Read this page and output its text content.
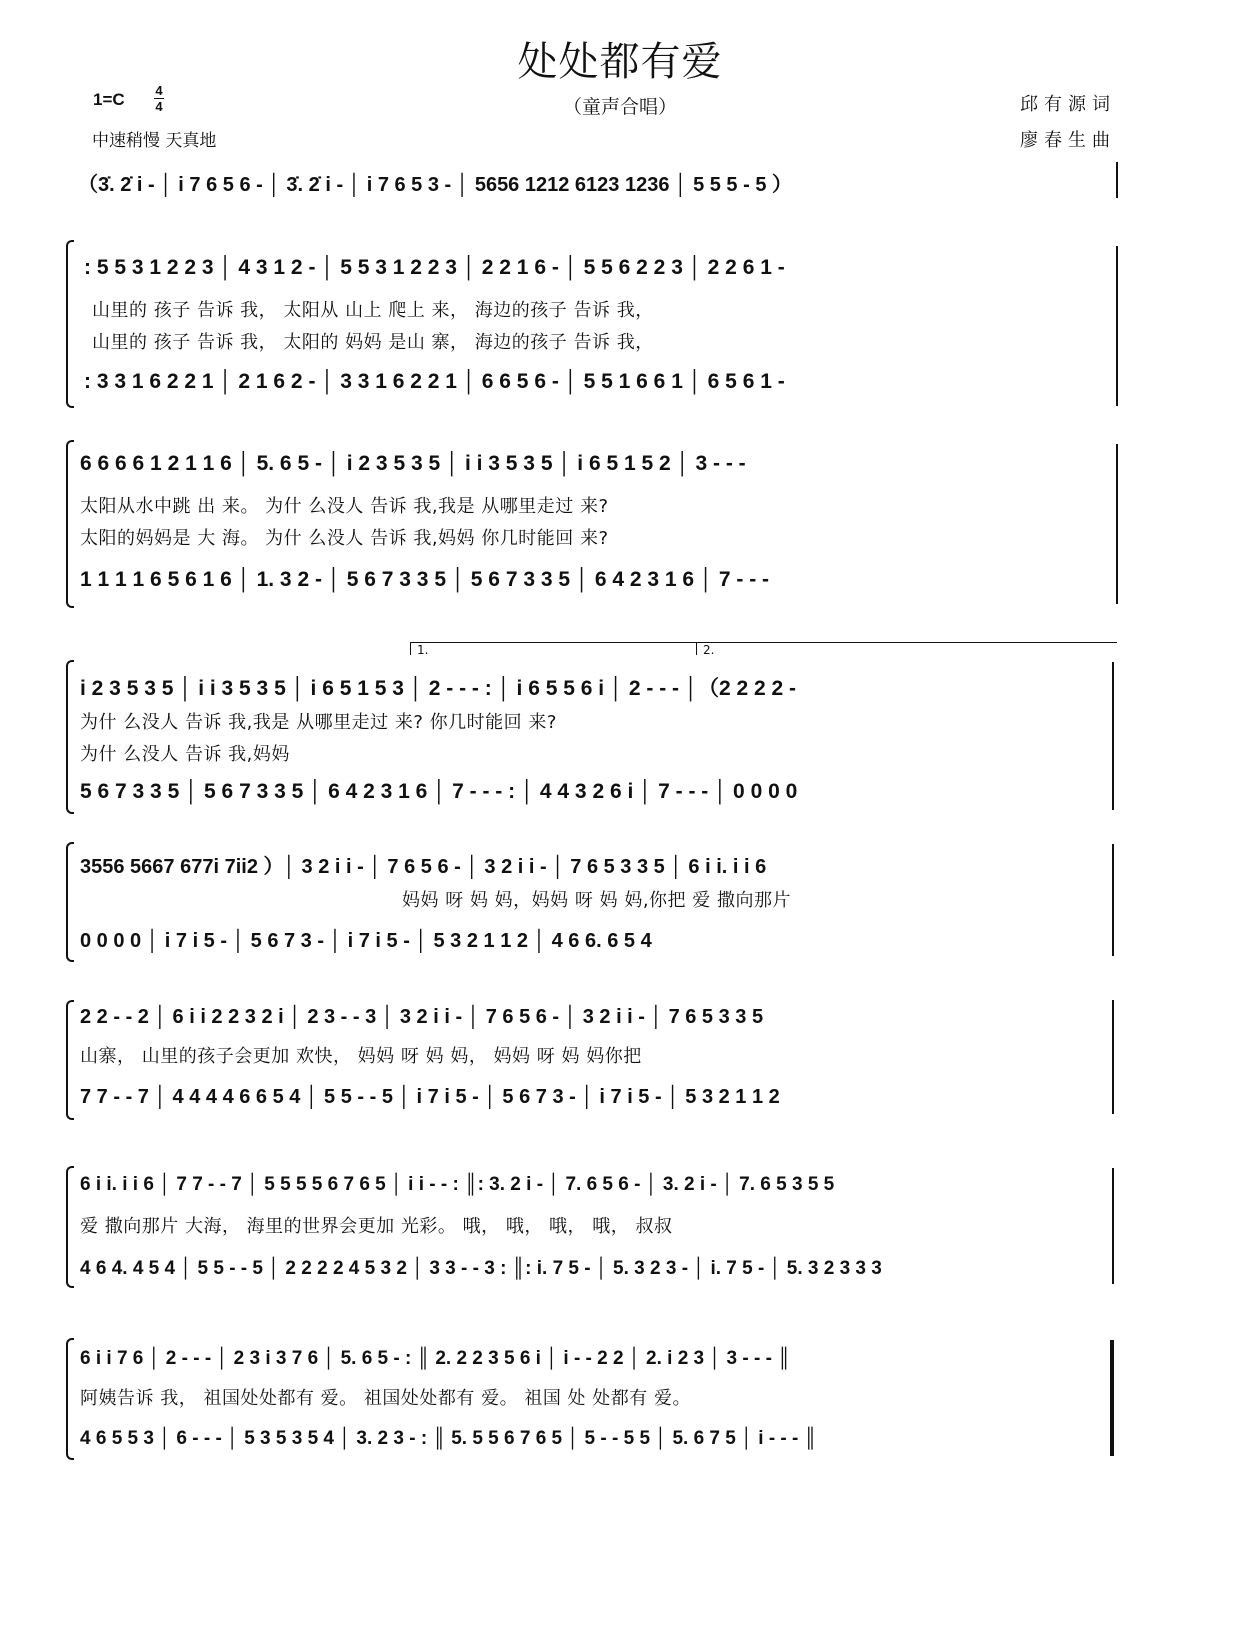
处处都有爱
（童声合唱）
1=C 4
4
中速稍慢 天真地
邱有源词
廖春生曲
（3̇. 2̇ i - │ i 7 6 5 6 - │ 3̇. 2̇ i - │ i 7 6 5 3 - │ 5656 1212 6123 1236 │ 5 5 5 - 5 ）
: 5 5 3 1 2 2 3 │ 4 3 1 2 - │ 5 5 3 1 2 2 3 │ 2 2 1 6 - │ 5 5 6 2 2 3 │ 2 2 6 1 -
山里的 孩子 告诉 我， 太阳从 山上 爬上 来， 海边的孩子 告诉 我，
山里的 孩子 告诉 我， 太阳的 妈妈 是山 寨， 海边的孩子 告诉 我，
: 3 3 1 6 2 2 1 │ 2 1 6 2 - │ 3 3 1 6 2 2 1 │ 6 6 5 6 - │ 5 5 1 6 6 1 │ 6 5 6 1 -
6 6 6 6 1 2 1 1 6 │ 5. 6 5 - │ i 2 3 5 3 5 │ i i 3 5 3 5 │ i 6 5 1 5 2 │ 3 - - -
太阳从水中跳 出 来。 为什 么没人 告诉 我,我是 从哪里走过 来?
太阳的妈妈是 大 海。 为什 么没人 告诉 我,妈妈 你几时能回 来?
1 1 1 1 6 5 6 1 6 │ 1. 3 2 - │ 5 6 7 3 3 5 │ 5 6 7 3 3 5 │ 6 4 2 3 1 6 │ 7 - - -
1.	2.
i 2 3 5 3 5 │ i i 3 5 3 5 │ i 6 5 1 5 3 │ 2 - - - : │ i 6 5 5 6 i │ 2 - - - │（2 2 2 2 -
为什 么没人 告诉 我,我是 从哪里走过 来? 你几时能回 来?
为什 么没人 告诉 我,妈妈
5 6 7 3 3 5 │ 5 6 7 3 3 5 │ 6 4 2 3 1 6 │ 7 - - - : │ 4 4 3 2 6 i │ 7 - - - │ 0 0 0 0
3556 5667 677i 7ii2 ）│ 3 2 i i - │ 7 6 5 6 - │ 3 2 i i - │ 7 6 5 3 3 5 │ 6 i i. i i 6
妈妈 呀 妈 妈，妈妈 呀 妈 妈,你把 爱 撒向那片
0 0 0 0 │ i 7 i 5 - │ 5 6 7 3 - │ i 7 i 5 - │ 5 3 2 1 1 2 │ 4 6 6. 6 5 4
2 2 - - 2 │ 6 i i 2 2 3 2 i │ 2 3 - - 3 │ 3 2 i i - │ 7 6 5 6 - │ 3 2 i i - │ 7 6 5 3 3 5
山寨， 山里的孩子会更加 欢快， 妈妈 呀 妈 妈， 妈妈 呀 妈 妈你把
7 7 - - 7 │ 4 4 4 4 6 6 5 4 │ 5 5 - - 5 │ i 7 i 5 - │ 5 6 7 3 - │ i 7 i 5 - │ 5 3 2 1 1 2
6 i i. i i 6 │ 7 7 - - 7 │ 5 5 5 5 6 7 6 5 │ i i - - : ║: 3. 2 i - │ 7. 6 5 6 - │ 3. 2 i - │ 7. 6 5 3 5 5
爱 撒向那片 大海， 海里的世界会更加 光彩。 哦， 哦， 哦， 哦， 叔叔
4 6 4. 4 5 4 │ 5 5 - - 5 │ 2 2 2 2 4 5 3 2 │ 3 3 - - 3 : ║: i. 7 5 - │ 5. 3 2 3 - │ i. 7 5 - │ 5. 3 2 3 3 3
6 i i 7 6 │ 2 - - - │ 2 3 i 3 7 6 │ 5. 6 5 - : ║ 2. 2 2 3 5 6 i │ i - - 2 2 │ 2. i 2 3 │ 3 - - - ║
阿姨告诉 我， 祖国处处都有 爱。 祖国处处都有 爱。 祖国 处 处都有 爱。
4 6 5 5 3 │ 6 - - - │ 5 3 5 3 5 4 │ 3. 2 3 - : ║ 5. 5 5 6 7 6 5 │ 5 - - 5 5 │ 5. 6 7 5 │ i - - - ║
